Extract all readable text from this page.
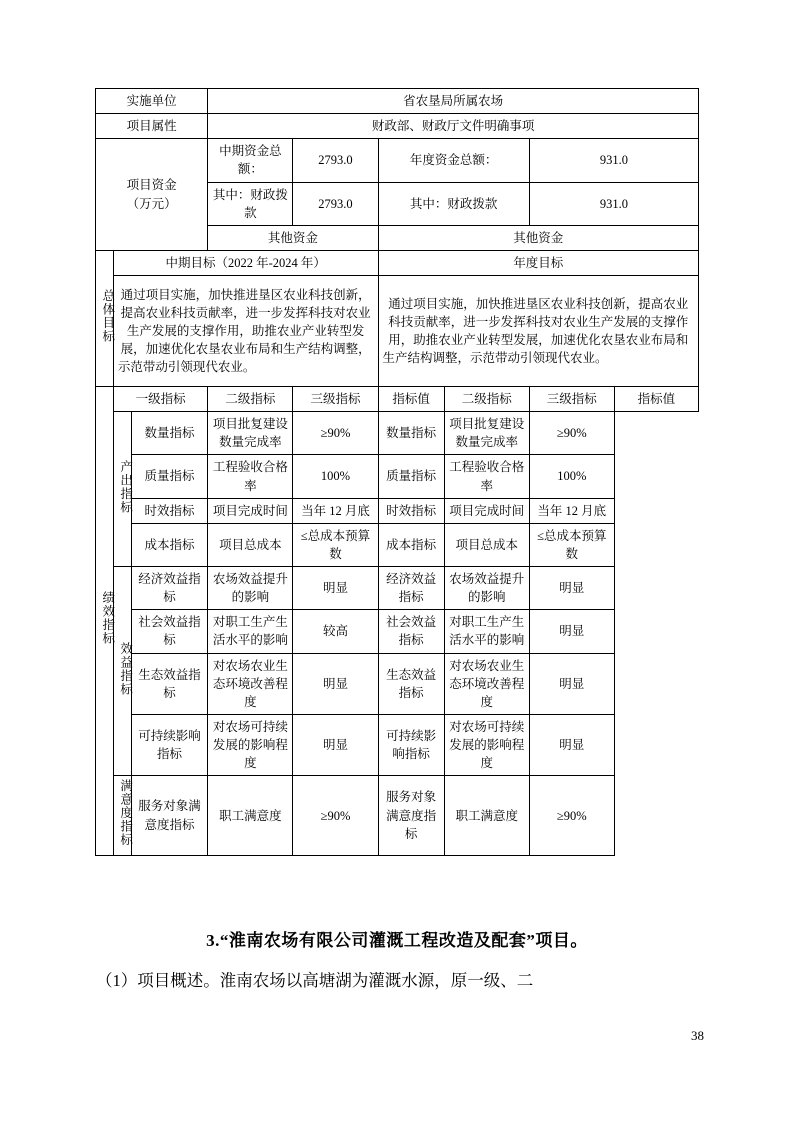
实施单位			省农垦局所属农场					
项目属性			财政部、财政厅文件明确事项					

项目资金
（万元）			中期资金总额：	2793.0	年度资金总额：		931.0	
			其中：财政拨款	2793.0	其中：财政拨款		931.0	
			其他资金		其他资金			
总体目标	中期目标（2022 年-2024 年）				年度目标			
	通过项目实施，加快推进垦区农业科技创新，提高农业科技贡献率，进一步发挥科技对农业生产发展的支撑作用，助推农业产业转型发展，加速优化农垦农业布局和生产结构调整，示范带动引领现代农业。				通过项目实施，加快推进垦区农业科技创新，提高农业科技贡献率，进一步发挥科技对农业生产发展的支撑作用，助推农业产业转型发展，加速优化农垦农业布局和生产结构调整，示范带动引领现代农业。			
绩效指标	一级指标		二级指标	三级指标	指标值	二级指标	三级指标	指标值
	产出指标	数量指标	项目批复建设数量完成率	≥90%	数量指标	项目批复建设数量完成率	≥90%	
		质量指标	工程验收合格率	100%	质量指标	工程验收合格率	100%	
		时效指标	项目完成时间	当年 12 月底	时效指标	项目完成时间	当年 12 月底	
		成本指标	项目总成本	≤总成本预算数	成本指标	项目总成本	≤总成本预算数	
	效益指标	经济效益指标	农场效益提升的影响	明显	经济效益指标	农场效益提升的影响	明显	
		社会效益指标	对职工生产生活水平的影响	较高	社会效益指标	对职工生产生活水平的影响	明显	
		生态效益指标	对农场农业生态环境改善程度	明显	生态效益指标	对农场农业生态环境改善程度	明显	
		可持续影响指标	对农场可持续发展的影响程度	明显	可持续影响指标	对农场可持续发展的影响程度	明显	
	满意度指标	服务对象满意度指标	职工满意度	≥90%	服务对象满意度指标	职工满意度	≥90%	
3.“淮南农场有限公司灌溉工程改造及配套”项目。
（1）项目概述。淮南农场以高塘湖为灌溉水源，原一级、二
38
